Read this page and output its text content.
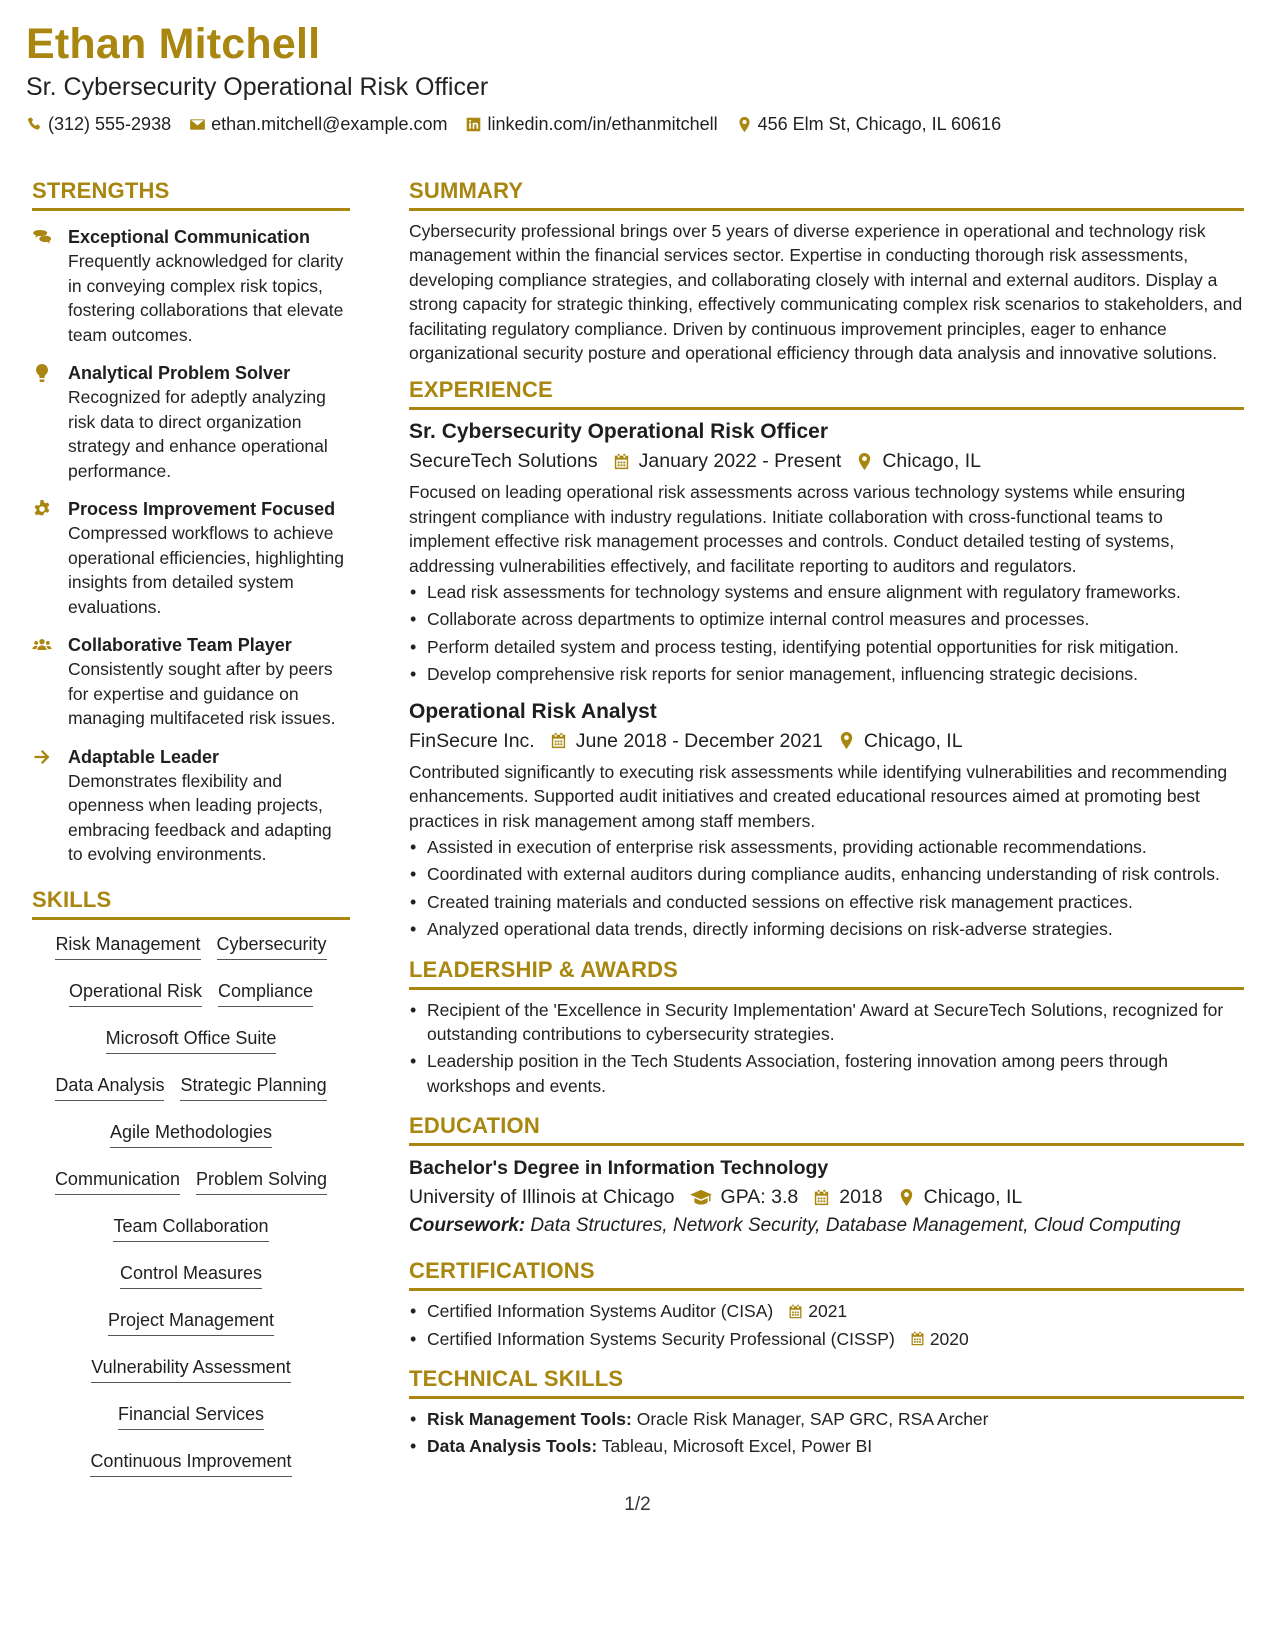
Ethan Mitchell
Sr. Cybersecurity Operational Risk Officer
(312) 555-2938 ethan.mitchell@example.com linkedin.com/in/ethanmitchell 456 Elm St, Chicago, IL 60616
STRENGTHS
Exceptional Communication
Frequently acknowledged for clarity in conveying complex risk topics, fostering collaborations that elevate team outcomes.
Analytical Problem Solver
Recognized for adeptly analyzing risk data to direct organization strategy and enhance operational performance.
Process Improvement Focused
Compressed workflows to achieve operational efficiencies, highlighting insights from detailed system evaluations.
Collaborative Team Player
Consistently sought after by peers for expertise and guidance on managing multifaceted risk issues.
Adaptable Leader
Demonstrates flexibility and openness when leading projects, embracing feedback and adapting to evolving environments.
SKILLS
Risk Management Cybersecurity
Operational Risk Compliance
Microsoft Office Suite
Data Analysis Strategic Planning
Agile Methodologies
Communication Problem Solving
Team Collaboration
Control Measures
Project Management
Vulnerability Assessment
Financial Services
Continuous Improvement
SUMMARY

Cybersecurity professional brings over 5 years of diverse experience in operational and technology risk management within the financial services sector. Expertise in conducting thorough risk assessments, developing compliance strategies, and collaborating closely with internal and external auditors. Display a strong capacity for strategic thinking, effectively communicating complex risk scenarios to stakeholders, and facilitating regulatory compliance. Driven by continuous improvement principles, eager to enhance organizational security posture and operational efficiency through data analysis and innovative solutions.

EXPERIENCE
Sr. Cybersecurity Operational Risk Officer
SecureTech Solutions January 2022 - Present Chicago, IL

Focused on leading operational risk assessments across various technology systems while ensuring stringent compliance with industry regulations. Initiate collaboration with cross-functional teams to implement effective risk management processes and controls. Conduct detailed testing of systems, addressing vulnerabilities effectively, and facilitate reporting to auditors and regulators.

• Lead risk assessments for technology systems and ensure alignment with regulatory frameworks.
• Collaborate across departments to optimize internal control measures and processes.
• Perform detailed system and process testing, identifying potential opportunities for risk mitigation.
• Develop comprehensive risk reports for senior management, influencing strategic decisions.
Operational Risk Analyst
FinSecure Inc. June 2018 - December 2021 Chicago, IL

Contributed significantly to executing risk assessments while identifying vulnerabilities and recommending enhancements. Supported audit initiatives and created educational resources aimed at promoting best practices in risk management among staff members.

• Assisted in execution of enterprise risk assessments, providing actionable recommendations.
• Coordinated with external auditors during compliance audits, enhancing understanding of risk controls.
• Created training materials and conducted sessions on effective risk management practices.
• Analyzed operational data trends, directly informing decisions on risk-adverse strategies.
LEADERSHIP & AWARDS
• Recipient of the 'Excellence in Security Implementation' Award at SecureTech Solutions, recognized for outstanding contributions to cybersecurity strategies.
• Leadership position in the Tech Students Association, fostering innovation among peers through workshops and events.
EDUCATION
Bachelor's Degree in Information Technology
University of Illinois at Chicago GPA: 3.8 2018 Chicago, IL
Coursework: Data Structures, Network Security, Database Management, Cloud Computing
CERTIFICATIONS
• Certified Information Systems Auditor (CISA) 2021
• Certified Information Systems Security Professional (CISSP) 2020
TECHNICAL SKILLS
• Risk Management Tools: Oracle Risk Manager, SAP GRC, RSA Archer
• Data Analysis Tools: Tableau, Microsoft Excel, Power BI
1/2
